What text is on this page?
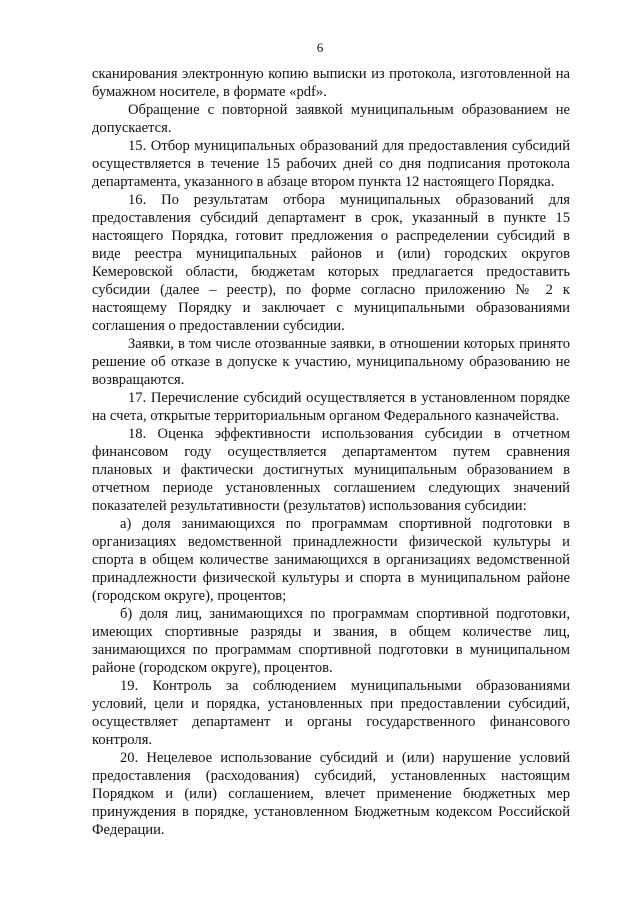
6

сканирования электронную копию выписки из протокола, изготовленной на бумажном носителе, в формате «pdf».

Обращение с повторной заявкой муниципальным образованием не допускается.

15. Отбор муниципальных образований для предоставления субсидий осуществляется в течение 15 рабочих дней со дня подписания протокола департамента, указанного в абзаце втором пункта 12 настоящего Порядка.

16. По результатам отбора муниципальных образований для предоставления субсидий департамент в срок, указанный в пункте 15 настоящего Порядка, готовит предложения о распределении субсидий в виде реестра муниципальных районов и (или) городских округов Кемеровской области, бюджетам которых предлагается предоставить субсидии (далее – реестр), по форме согласно приложению № 2 к настоящему Порядку и заключает с муниципальными образованиями соглашения о предоставлении субсидии.

Заявки, в том числе отозванные заявки, в отношении которых принято решение об отказе в допуске к участию, муниципальному образованию не возвращаются.

17. Перечисление субсидий осуществляется в установленном порядке на счета, открытые территориальным органом Федерального казначейства.

18. Оценка эффективности использования субсидии в отчетном финансовом году осуществляется департаментом путем сравнения плановых и фактически достигнутых муниципальным образованием в отчетном периоде установленных соглашением следующих значений показателей результативности (результатов) использования субсидии:

а) доля занимающихся по программам спортивной подготовки в организациях ведомственной принадлежности физической культуры и спорта в общем количестве занимающихся в организациях ведомственной принадлежности физической культуры и спорта в муниципальном районе (городском округе), процентов;

б) доля лиц, занимающихся по программам спортивной подготовки, имеющих спортивные разряды и звания, в общем количестве лиц, занимающихся по программам спортивной подготовки в муниципальном районе (городском округе), процентов.

19. Контроль за соблюдением муниципальными образованиями условий, цели и порядка, установленных при предоставлении субсидий, осуществляет департамент и органы государственного финансового контроля.

20. Нецелевое использование субсидий и (или) нарушение условий предоставления (расходования) субсидий, установленных настоящим Порядком и (или) соглашением, влечет применение бюджетных мер принуждения в порядке, установленном Бюджетным кодексом Российской Федерации.
